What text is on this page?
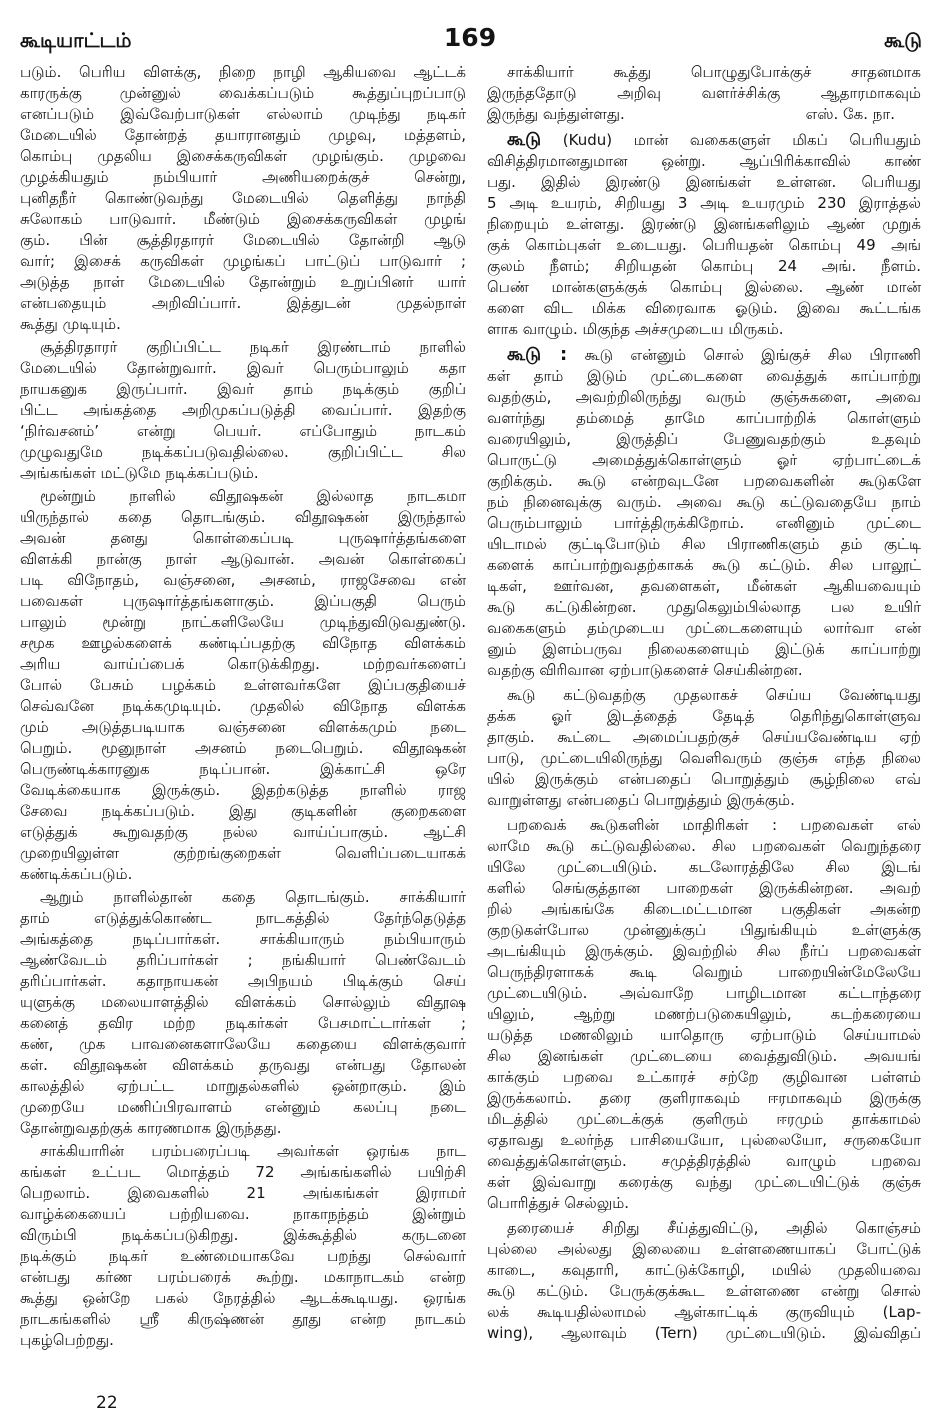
கூடியாட்டம்	169	கூடு
படும். பெரிய விளக்கு, நிறை நாழி ஆகியவை ஆட்டக்
காரருக்கு முன்னுல் வைக்கப்படும் கூத்துப்புறப்பாடு
எனப்படும் இவ்வேற்பாடுகள் எல்லாம் முடிந்து நடிகர்
மேடையில் தோன்றத் தயாரானதும் முழவு, மத்தளம்,
கொம்பு முதலிய இசைக்கருவிகள் முழங்கும். முழவை
முழக்கியதும் நம்பியார் அணியறைக்குச் சென்று,
புனிதநீர் கொண்டுவந்து மேடையில் தெளித்து நாந்தி
சுலோகம் பாடுவார். மீண்டும் இசைக்கருவிகள் முழங்
கும். பின் சூத்திரதாரர் மேடையில் தோன்றி ஆடு
வார்; இசைக் கருவிகள் முழங்கப் பாட்டுப் பாடுவார் ;
அடுத்த நாள் மேடையில் தோன்றும் உறுப்பினர் யார்
என்பதையும் அறிவிப்பார். இத்துடன் முதல்நாள்
கூத்து முடியும்.
சூத்திரதாரர் குறிப்பிட்ட நடிகர் இரண்டாம் நாளில்
மேடையில் தோன்றுவார். இவர் பெரும்பாலும் கதா
நாயகனுக இருப்பார். இவர் தாம் நடிக்கும் குறிப்
பிட்ட அங்கத்தை அறிமுகப்படுத்தி வைப்பார். இதற்கு
‘நிர்வசனம்’ என்று பெயர். எப்போதும் நாடகம்
முழுவதுமே நடிக்கப்படுவதில்லை. குறிப்பிட்ட சில
அங்கங்கள் மட்டுமே நடிக்கப்படும்.
மூன்றும் நாளில் விதூஷகன் இல்லாத நாடகமா
யிருந்தால் கதை தொடங்கும். விதூஷகன் இருந்தால்
அவன் தனது கொள்கைப்படி புருஷார்த்தங்களை
விளக்கி நான்கு நாள் ஆடுவான். அவன் கொள்கைப்
படி விநோதம், வஞ்சனை, அசனம், ராஜசேவை என்
பவைகள் புருஷார்த்தங்களாகும். இப்பகுதி பெரும்
பாலும் மூன்று நாட்களிலேயே முடிந்துவிடுவதுண்டு.
சமூக ஊழல்களைக் கண்டிப்பதற்கு விநோத விளக்கம்
அரிய வாய்ப்பைக் கொடுக்கிறது. மற்றவர்களைப்
போல் பேசும் பழக்கம் உள்ளவர்களே இப்பகுதியைச்
செவ்வனே நடிக்கமுடியும். முதலில் விநோத விளக்க
மும் அடுத்தபடியாக வஞ்சனை விளக்கமும் நடை
பெறும். மூனுநாள் அசனம் நடைபெறும். விதூஷகன்
பெருண்டிக்காரனுக நடிப்பான். இக்காட்சி ஒரே
வேடிக்கையாக இருக்கும். இதற்கடுத்த நாளில் ராஜ
சேவை நடிக்கப்படும். இது குடிகளின் குறைகளை
எடுத்துக் கூறுவதற்கு நல்ல வாய்ப்பாகும். ஆட்சி
முறையிலுள்ள குற்றங்குறைகள் வெளிப்படையாகக்
கண்டிக்கப்படும்.
ஆறும் நாளில்தான் கதை தொடங்கும். சாக்கியார்
தாம் எடுத்துக்கொண்ட நாடகத்தில் தேர்ந்தெடுத்த
அங்கத்தை நடிப்பார்கள். சாக்கியாரும் நம்பியாரும்
ஆண்வேடம் தரிப்பார்கள் ; நங்கியார் பெண்வேடம்
தரிப்பார்கள். கதாநாயகன் அபிநயம் பிடிக்கும் செய்
யுளுக்கு மலையாளத்தில் விளக்கம் சொல்லும் விதூஷ
கனைத் தவிர மற்ற நடிகர்கள் பேசமாட்டார்கள் ;
கண், முக பாவனைகளாலேயே கதையை விளக்குவார்
கள். விதூஷகன் விளக்கம் தருவது என்பது தோலன்
காலத்தில் ஏற்பட்ட மாறுதல்களில் ஒன்றாகும். இம்
முறையே மணிப்பிரவாளம் என்னும் கலப்பு நடை
தோன்றுவதற்குக் காரணமாக இருந்தது.
சாக்கியாரின் பரம்பரைப்படி அவர்கள் ஒரங்க நாட
கங்கள் உட்பட மொத்தம் 72 அங்கங்களில் பயிற்சி
பெறலாம். இவைகளில் 21 அங்கங்கள் இராமர்
வாழ்க்கையைப் பற்றியவை. நாகாநந்தம் இன்றும்
விரும்பி நடிக்கப்படுகிறது. இக்கூத்தில் கருடனை
நடிக்கும் நடிகர் உண்மையாகவே பறந்து செல்வார்
என்பது கர்ண பரம்பரைக் கூற்று. மகாநாடகம் என்ற
கூத்து ஒன்றே பகல் நேரத்தில் ஆடக்கூடியது. ஒரங்க
நாடகங்களில் ஸ்ரீ கிருஷ்ணன் தூது என்ற நாடகம்
புகழ்பெற்றது.
சாக்கியார் கூத்து பொழுதுபோக்குச் சாதனமாக
இருந்ததோடு அறிவு வளர்ச்சிக்கு ஆதாரமாகவும்
இருந்து வந்துள்ளது.	எஸ். கே. நா.
கூடு (Kudu) மான் வகைகளுள் மிகப் பெரியதும்
விசித்திரமானதுமான ஒன்று. ஆப்பிரிக்காவில் காண்
பது. இதில் இரண்டு இனங்கள் உள்ளன. பெரியது
5 அடி உயரம், சிறியது 3 அடி உயரமும் 230 இராத்தல்
நிறையும் உள்ளது. இரண்டு இனங்களிலும் ஆண் முறுக்
குக் கொம்புகள் உடையது. பெரியதன் கொம்பு 49 அங்
குலம் நீளம்; சிறியதன் கொம்பு 24 அங். நீளம்.
பெண் மான்களுக்குக் கொம்பு இல்லை. ஆண் மான்
களை விட மிக்க விரைவாக ஓடும். இவை கூட்டங்க
ளாக வாழும். மிகுந்த அச்சமுடைய மிருகம்.
கூடு : கூடு என்னும் சொல் இங்குச் சில பிராணி
கள் தாம் இடும் முட்டைகளை வைத்துக் காப்பாற்று
வதற்கும், அவற்றிலிருந்து வரும் குஞ்சுகளை, அவை
வளர்ந்து தம்மைத் தாமே காப்பாற்றிக் கொள்ளும்
வரையிலும், இருத்திப் பேணுவதற்கும் உதவும்
பொருட்டு அமைத்துக்கொள்ளும் ஓர் ஏற்பாட்டைக்
குறிக்கும். கூடு என்றவுடனே பறவைகளின் கூடுகளே
நம் நினைவுக்கு வரும். அவை கூடு கட்டுவதையே நாம்
பெரும்பாலும் பார்த்திருக்கிறோம். எனினும் முட்டை
யிடாமல் குட்டிபோடும் சில பிராணிகளும் தம் குட்டி
களைக் காப்பாற்றுவதற்காகக் கூடு கட்டும். சில பாலூட்
டிகள், ஊர்வன, தவளைகள், மீன்கள் ஆகியவையும்
கூடு கட்டுகின்றன. முதுகெலும்பில்லாத பல உயிர்
வகைகளும் தம்முடைய முட்டைகளையும் லார்வா என்
னும் இளம்பருவ நிலைகளையும் இட்டுக் காப்பாற்று
வதற்கு விரிவான ஏற்பாடுகளைச் செய்கின்றன.
கூடு கட்டுவதற்கு முதலாகச் செய்ய வேண்டியது
தக்க ஓர் இடத்தைத் தேடித் தெரிந்துகொள்ளுவ
தாகும். கூட்டை அமைப்பதற்குச் செய்யவேண்டிய ஏற்
பாடு, முட்டையிலிருந்து வெளிவரும் குஞ்சு எந்த நிலை
யில் இருக்கும் என்பதைப் பொறுத்தும் சூழ்நிலை எவ்
வாறுள்ளது என்பதைப் பொறுத்தும் இருக்கும்.
பறவைக் கூடுகளின் மாதிரிகள் : பறவைகள் எல்
லாமே கூடு கட்டுவதில்லை. சில பறவைகள் வெறுந்தரை
யிலே முட்டையிடும். கடலோரத்திலே சில இடங்
களில் செங்குத்தான பாறைகள் இருக்கின்றன. அவற்
றில் அங்கங்கே கிடைமட்டமான பகுதிகள் அகன்ற
குறடுகள்போல முன்னுக்குப் பிதுங்கியும் உள்ளுக்கு
அடங்கியும் இருக்கும். இவற்றில் சில நீர்ப் பறவைகள்
பெருந்திரளாகக் கூடி வெறும் பாறையின்மேலேயே
முட்டையிடும். அவ்வாறே பாழிடமான கட்டாந்தரை
யிலும், ஆற்று மணற்படுகையிலும், கடற்கரையை
யடுத்த மணலிலும் யாதொரு ஏற்பாடும் செய்யாமல்
சில இனங்கள் முட்டையை வைத்துவிடும். அவயங்
காக்கும் பறவை உட்காரச் சற்றே குழிவான பள்ளம்
இருக்கலாம். தரை குளிராகவும் ஈரமாகவும் இருக்கு
மிடத்தில் முட்டைக்குக் குளிரும் ஈரமும் தாக்காமல்
ஏதாவது உலர்ந்த பாசியையோ, புல்லையோ, சருகையோ
வைத்துக்கொள்ளும். சமுத்திரத்தில் வாழும் பறவை
கள் இவ்வாறு கரைக்கு வந்து முட்டையிட்டுக் குஞ்சு
பொரித்துச் செல்லும்.
தரையைச் சிறிது சீய்த்துவிட்டு, அதில் கொஞ்சம்
புல்லை அல்லது இலையை உள்ளணையாகப் போட்டுக்
காடை, கவுதாரி, காட்டுக்கோழி, மயில் முதலியவை
கூடு கட்டும். பேருக்குக்கூட உள்ளணை என்று சொல்
லக் கூடியதில்லாமல் ஆள்காட்டிக் குருவியும் (Lap-
wing), ஆலாவும் (Tern) முட்டையிடும். இவ்விதப்
22
